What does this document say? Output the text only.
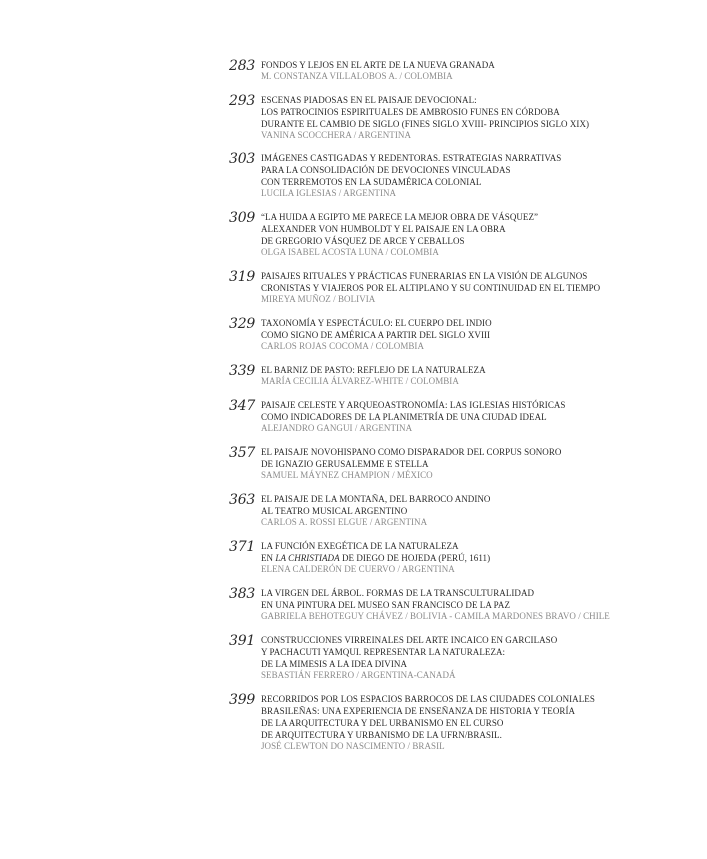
283 FONDOS Y LEJOS EN EL ARTE DE LA NUEVA GRANADA
M. CONSTANZA VILLALOBOS A. / COLOMBIA
293 ESCENAS PIADOSAS EN EL PAISAJE DEVOCIONAL:
LOS PATROCINIOS ESPIRITUALES DE AMBROSIO FUNES EN CÓRDOBA
DURANTE EL CAMBIO DE SIGLO (FINES SIGLO XVIII- PRINCIPIOS SIGLO XIX)
VANINA SCOCCHERA / ARGENTINA
303 IMÁGENES CASTIGADAS Y REDENTORAS. ESTRATEGIAS NARRATIVAS
PARA LA CONSOLIDACIÓN DE DEVOCIONES VINCULADAS
CON TERREMOTOS EN LA SUDAMÉRICA COLONIAL
LUCILA IGLESIAS / ARGENTINA
309 “LA HUIDA A EGIPTO ME PARECE LA MEJOR OBRA DE VÁSQUEZ”
ALEXANDER VON HUMBOLDT Y EL PAISAJE EN LA OBRA
DE GREGORIO VÁSQUEZ DE ARCE Y CEBALLOS
OLGA ISABEL ACOSTA LUNA / COLOMBIA
319 PAISAJES RITUALES Y PRÁCTICAS FUNERARIAS EN LA VISIÓN DE ALGUNOS
CRONISTAS Y VIAJEROS POR EL ALTIPLANO Y SU CONTINUIDAD EN EL TIEMPO
MIREYA MUÑOZ / BOLIVIA
329 TAXONOMÍA Y ESPECTÁCULO: EL CUERPO DEL INDIO
COMO SIGNO DE AMÉRICA A PARTIR DEL SIGLO XVIII
CARLOS ROJAS COCOMA / COLOMBIA
339 EL BARNIZ DE PASTO: REFLEJO DE LA NATURALEZA
MARÍA CECILIA ÁLVAREZ-WHITE / COLOMBIA
347 PAISAJE CELESTE Y ARQUEOASTRONOMÍA: LAS IGLESIAS HISTÓRICAS
COMO INDICADORES DE LA PLANIMETRÍA DE UNA CIUDAD IDEAL
ALEJANDRO GANGUI / ARGENTINA
357 EL PAISAJE NOVOHISPANO COMO DISPARADOR DEL CORPUS SONORO
DE IGNAZIO GERUSALEMME E STELLA
SAMUEL MÁYNEZ CHAMPION / MÉXICO
363 EL PAISAJE DE LA MONTAÑA, DEL BARROCO ANDINO
AL TEATRO MUSICAL ARGENTINO
CARLOS A. ROSSI ELGUE / ARGENTINA
371 LA FUNCIÓN EXEGÉTICA DE LA NATURALEZA
EN LA CHRISTIADA DE DIEGO DE HOJEDA (PERÚ, 1611)
ELENA CALDERÓN DE CUERVO / ARGENTINA
383 LA VIRGEN DEL ÁRBOL. FORMAS DE LA TRANSCULTURALIDAD
EN UNA PINTURA DEL MUSEO SAN FRANCISCO DE LA PAZ
GABRIELA BEHOTEGUY CHÁVEZ / BOLIVIA - CAMILA MARDONES BRAVO / CHILE
391 CONSTRUCCIONES VIRREINALES DEL ARTE INCAICO EN GARCILASO
Y PACHACUTI YAMQUI. REPRESENTAR LA NATURALEZA:
DE LA MIMESIS A LA IDEA DIVINA
SEBASTIÁN FERRERO / ARGENTINA-CANADÁ
399 RECORRIDOS POR LOS ESPACIOS BARROCOS DE LAS CIUDADES COLONIALES
BRASILEÑAS: UNA EXPERIENCIA DE ENSEÑANZA DE HISTORIA Y TEORÍA
DE LA ARQUITECTURA Y DEL URBANISMO EN EL CURSO
DE ARQUITECTURA Y URBANISMO DE LA UFRN/BRASIL.
JOSÉ CLEWTON DO NASCIMENTO / BRASIL
